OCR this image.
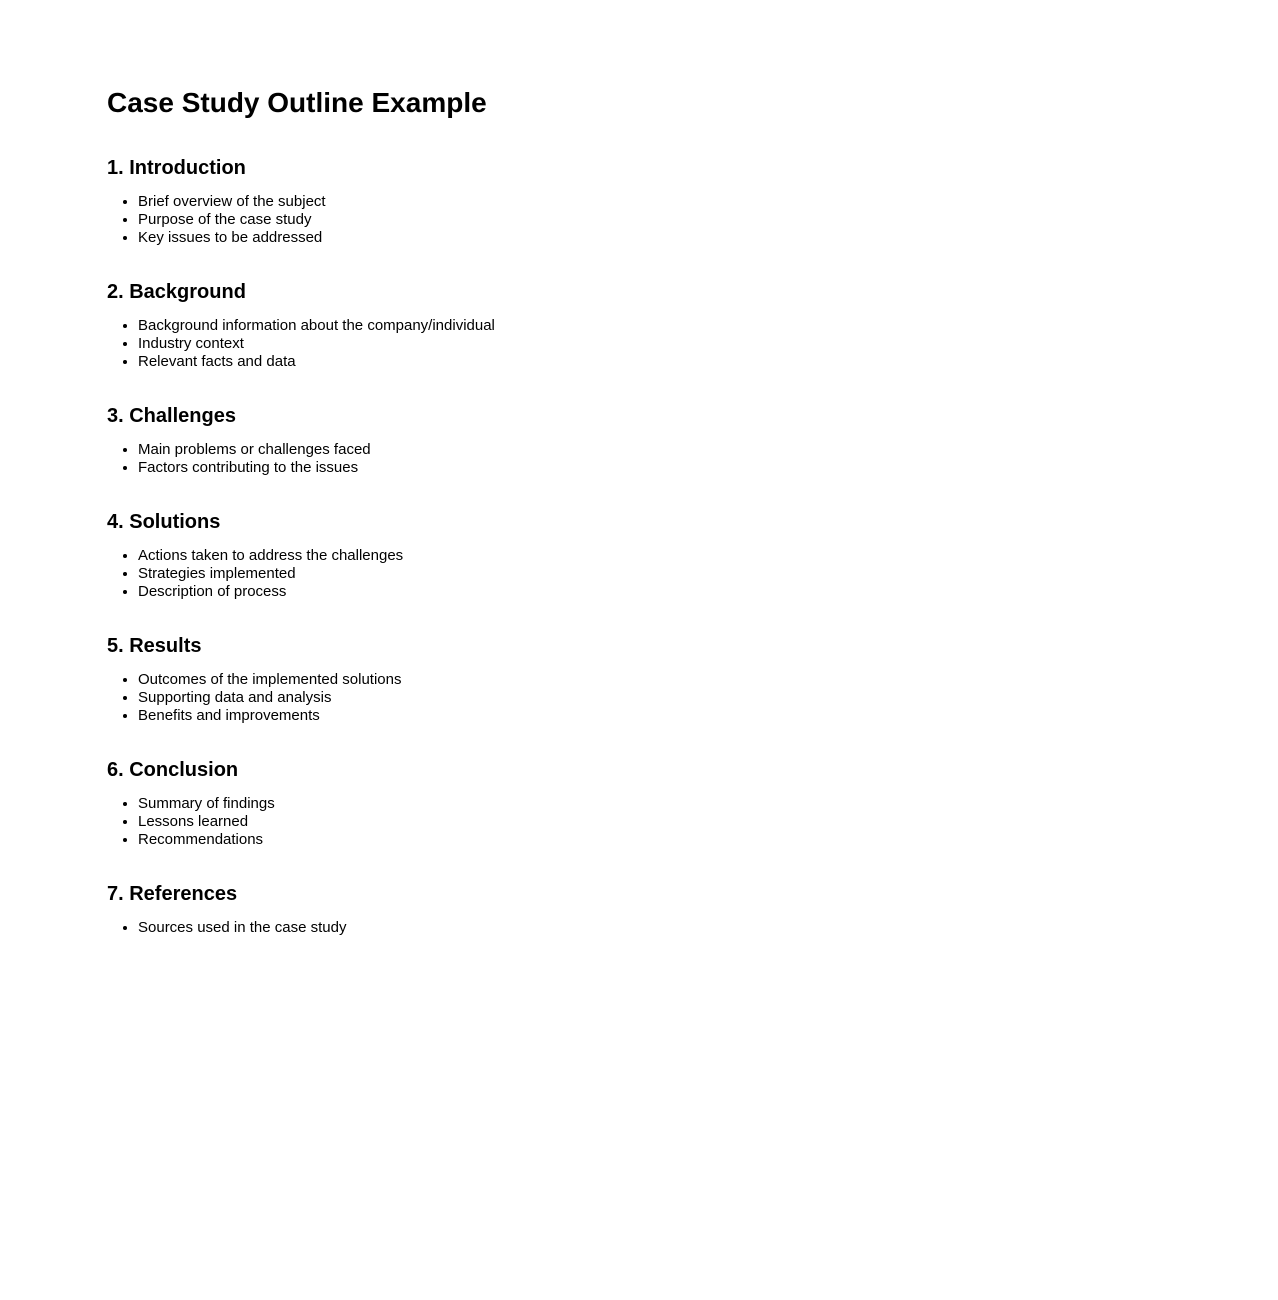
Case Study Outline Example
1. Introduction
• Brief overview of the subject
• Purpose of the case study
• Key issues to be addressed
2. Background
• Background information about the company/individual
• Industry context
• Relevant facts and data
3. Challenges
• Main problems or challenges faced
• Factors contributing to the issues
4. Solutions
• Actions taken to address the challenges
• Strategies implemented
• Description of process
5. Results
• Outcomes of the implemented solutions
• Supporting data and analysis
• Benefits and improvements
6. Conclusion
• Summary of findings
• Lessons learned
• Recommendations
7. References
• Sources used in the case study
